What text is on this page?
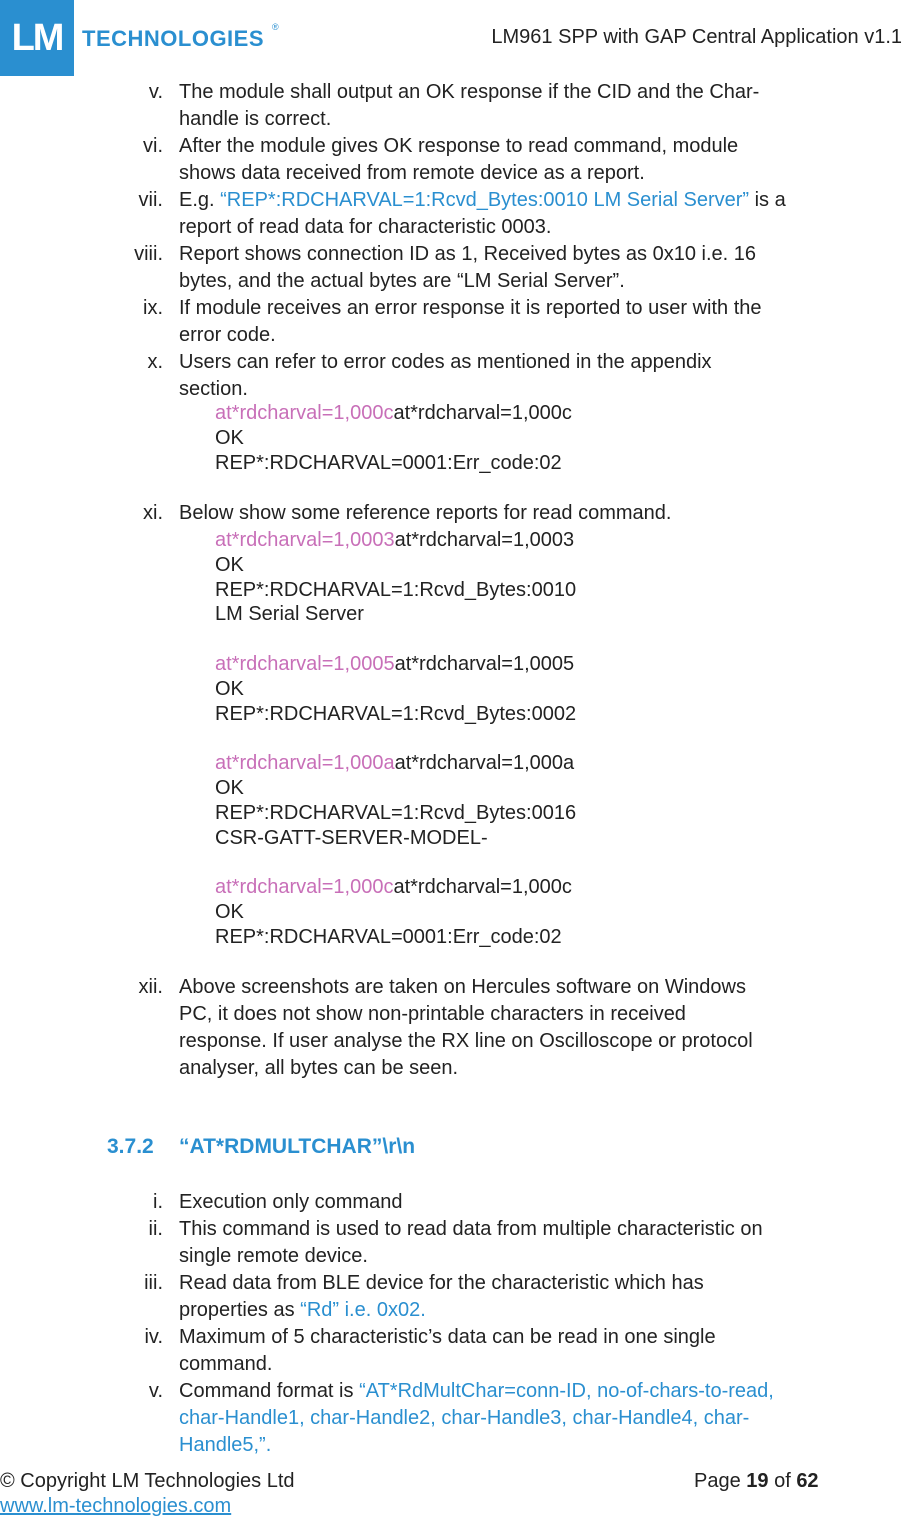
LM TECHNOLOGIES ®	LM961 SPP with GAP Central Application v1.1
v. The module shall output an OK response if the CID and the Char-
handle is correct.
vi. After the module gives OK response to read command, module
shows data received from remote device as a report.
vii. E.g. “REP*:RDCHARVAL=1:Rcvd_Bytes:0010 LM Serial Server” is a
report of read data for characteristic 0003.
viii. Report shows connection ID as 1, Received bytes as 0x10 i.e. 16
bytes, and the actual bytes are “LM Serial Server”.
ix. If module receives an error response it is reported to user with the
error code.
x. Users can refer to error codes as mentioned in the appendix
section.
at*rdcharval=1,000cat*rdcharval=1,000c
OK
REP*:RDCHARVAL=0001:Err_code:02
xi. Below show some reference reports for read command.
at*rdcharval=1,0003at*rdcharval=1,0003
OK
REP*:RDCHARVAL=1:Rcvd_Bytes:0010
LM Serial Server
at*rdcharval=1,0005at*rdcharval=1,0005
OK
REP*:RDCHARVAL=1:Rcvd_Bytes:0002
at*rdcharval=1,000aat*rdcharval=1,000a
OK
REP*:RDCHARVAL=1:Rcvd_Bytes:0016
CSR-GATT-SERVER-MODEL-
at*rdcharval=1,000cat*rdcharval=1,000c
OK
REP*:RDCHARVAL=0001:Err_code:02
xii. Above screenshots are taken on Hercules software on Windows
PC, it does not show non-printable characters in received
response. If user analyse the RX line on Oscilloscope or protocol
analyser, all bytes can be seen.
i. Execution only command
ii. This command is used to read data from multiple characteristic on
single remote device.
iii. Read data from BLE device for the characteristic which has
properties as “Rd” i.e. 0x02.
iv. Maximum of 5 characteristic’s data can be read in one single
command.
v. Command format is “AT*RdMultChar=conn-ID, no-of-chars-to-read,
char-Handle1, char-Handle2, char-Handle3, char-Handle4, char-
Handle5,”.
3.7.2 “AT*RDMULTCHAR”\r\n
© Copyright LM Technologies Ltd
www.lm-technologies.com
Page 19 of 62
